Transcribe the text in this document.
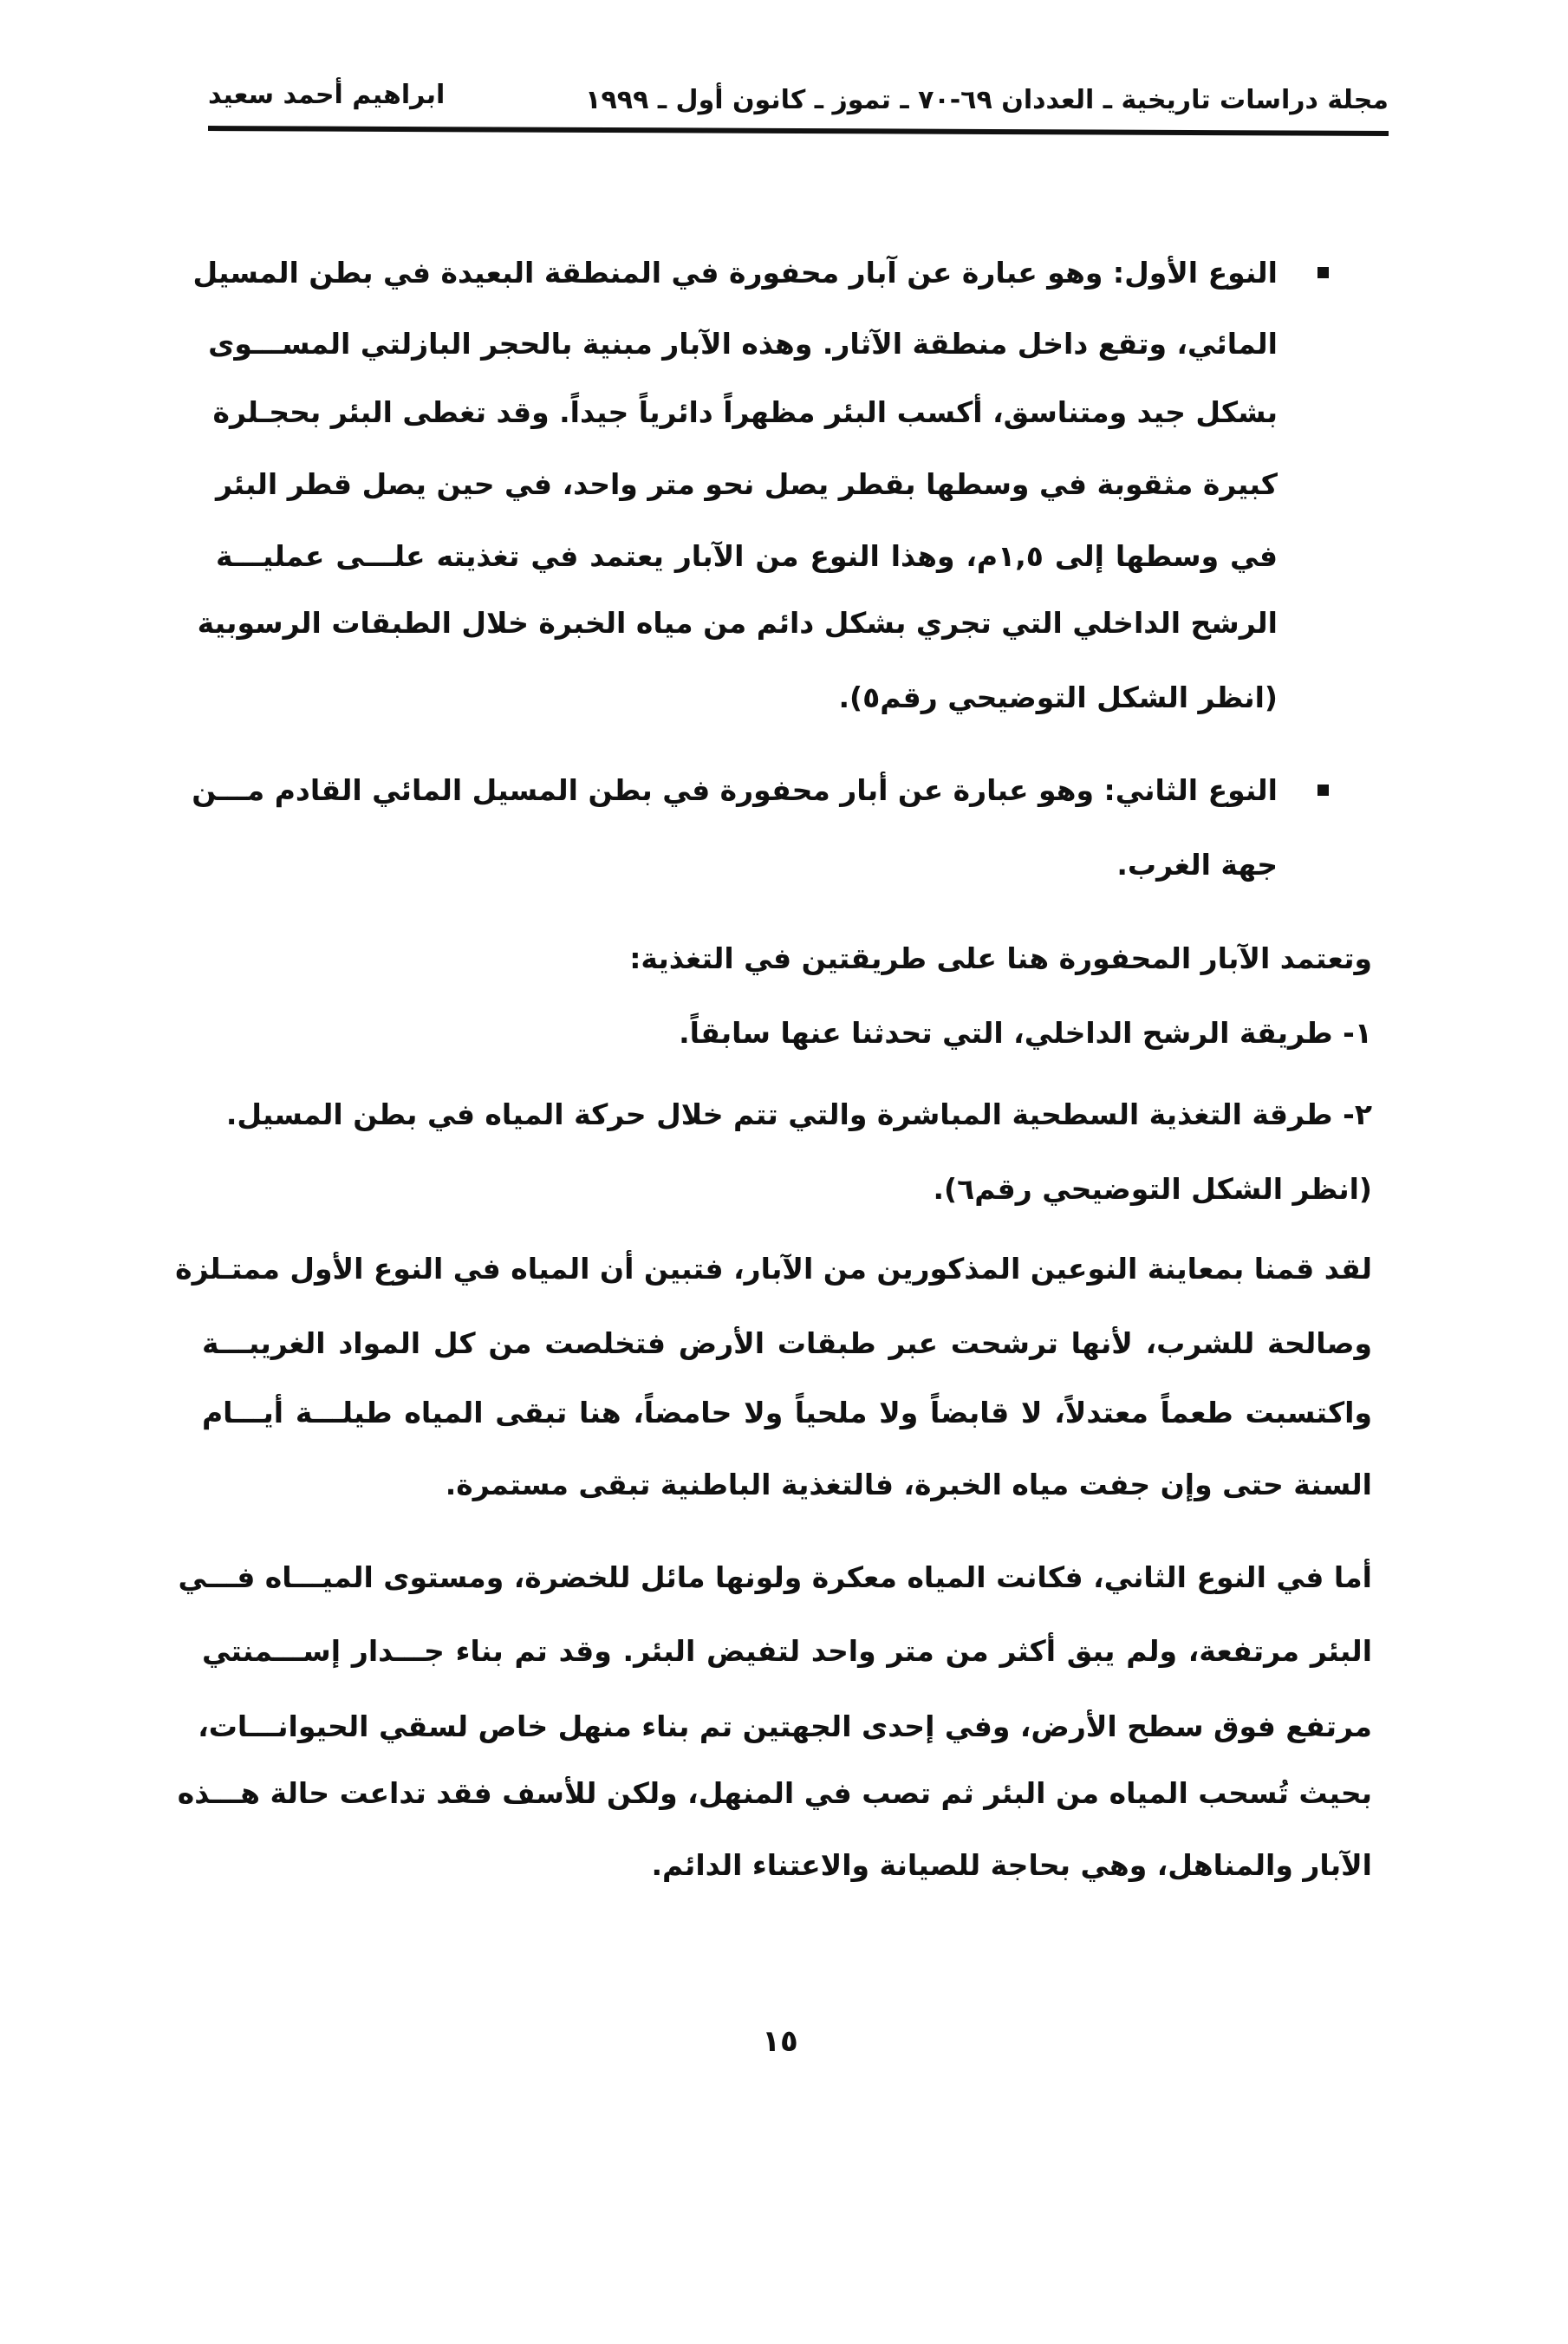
مجلة دراسات تاريخية ـ العددان ٦٩-٧٠ ـ تموز ـ كانون أول ـ ١٩٩٩
ابراهيم أحمد سعيد
النوع الأول: وهو عبارة عن آبار محفورة في المنطقة البعيدة في بطن المسيل
المائي، وتقع داخل منطقة الآثار. وهذه الآبار مبنية بالحجر البازلتي المســـوى
بشكل جيد ومتناسق، أكسب البئر مظهراً دائرياً جيداً. وقد تغطى البئر بحجـلرة
كبيرة مثقوبة في وسطها بقطر يصل نحو متر واحد، في حين يصل قطر البئر
في وسطها إلى ١,٥م، وهذا النوع من الآبار يعتمد في تغذيته علـــى عمليـــة
الرشح الداخلي التي تجري بشكل دائم من مياه الخبرة خلال الطبقات الرسوبية
(انظر الشكل التوضيحي رقم٥).
النوع الثاني: وهو عبارة عن أبار محفورة في بطن المسيل المائي القادم مـــن
جهة الغرب.
وتعتمد الآبار المحفورة هنا على طريقتين في التغذية:
١- طريقة الرشح الداخلي، التي تحدثنا عنها سابقاً.
٢- طرقة التغذية السطحية المباشرة والتي تتم خلال حركة المياه في بطن المسيل.
(انظر الشكل التوضيحي رقم٦).
لقد قمنا بمعاينة النوعين المذكورين من الآبار، فتبين أن المياه في النوع الأول ممتـلزة
وصالحة للشرب، لأنها ترشحت عبر طبقات الأرض فتخلصت من كل المواد الغريبـــة
واكتسبت طعماً معتدلاً، لا قابضاً ولا ملحياً ولا حامضاً، هنا تبقى المياه طيلـــة أيـــام
السنة حتى وإن جفت مياه الخبرة، فالتغذية الباطنية تبقى مستمرة.
أما في النوع الثاني، فكانت المياه معكرة ولونها مائل للخضرة، ومستوى الميـــاه فـــي
البئر مرتفعة، ولم يبق أكثر من متر واحد لتفيض البئر. وقد تم بناء جـــدار إســـمنتي
مرتفع فوق سطح الأرض، وفي إحدى الجهتين تم بناء منهل خاص لسقي الحيوانـــات،
بحيث تُسحب المياه من البئر ثم تصب في المنهل، ولكن للأسف فقد تداعت حالة هـــذه
الآبار والمناهل، وهي بحاجة للصيانة والاعتناء الدائم.
١٥
